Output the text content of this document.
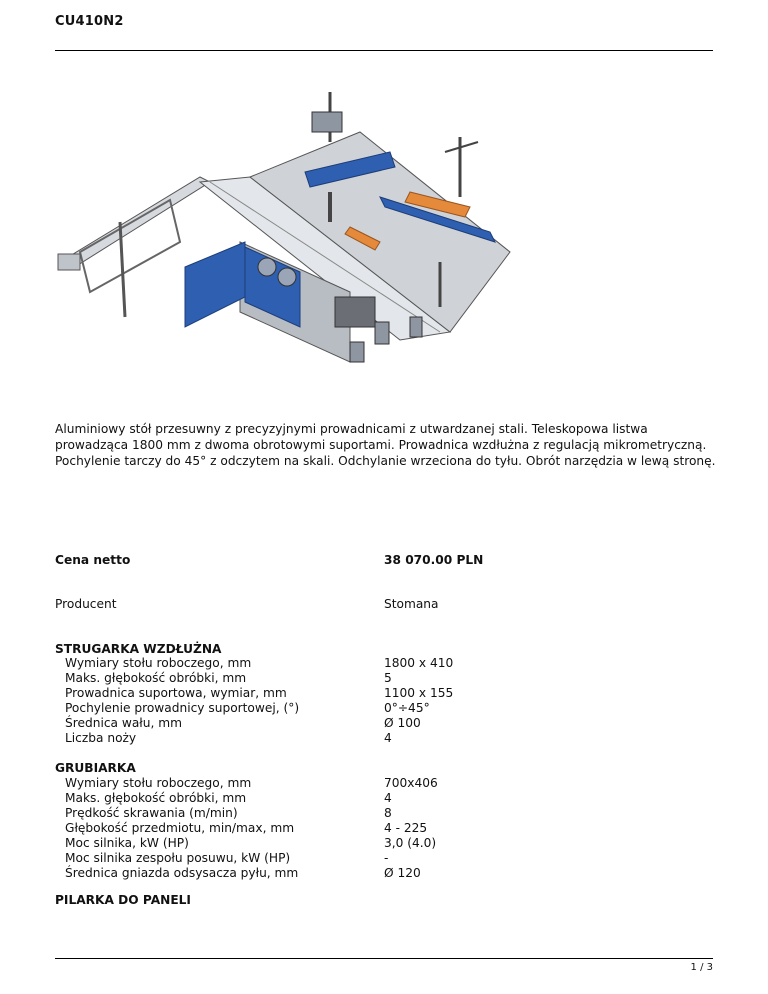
CU410N2
Aluminiowy stół przesuwny z precyzyjnymi prowadnicami z utwardzanej stali. Teleskopowa listwa prowadząca 1800 mm z dwoma obrotowymi suportami. Prowadnica wzdłużna z regulacją mikrometryczną. Pochylenie tarczy do 45° z odczytem na skali. Odchylanie wrzeciona do tyłu. Obrót narzędzia w lewą stronę.
Cena netto	38 070.00 PLN
Producent	Stomana
STRUGARKA WZDŁUŻNA
Wymiary stołu roboczego, mm	1800 x 410
Maks. głębokość obróbki, mm	5
Prowadnica suportowa, wymiar, mm	1100 x 155
Pochylenie prowadnicy suportowej, (°)	0°÷45°
Średnica wału, mm	Ø 100
Liczba noży	4
GRUBIARKA
Wymiary stołu roboczego, mm	700x406
Maks. głębokość obróbki, mm	4
Prędkość skrawania (m/min)	8
Głębokość przedmiotu, min/max, mm	4 - 225
Moc silnika, kW (HP)	3,0 (4.0)
Moc silnika zespołu posuwu, kW (HP)	-
Średnica gniazda odsysacza pyłu, mm	Ø 120
PILARKA DO PANELI
1 / 3
